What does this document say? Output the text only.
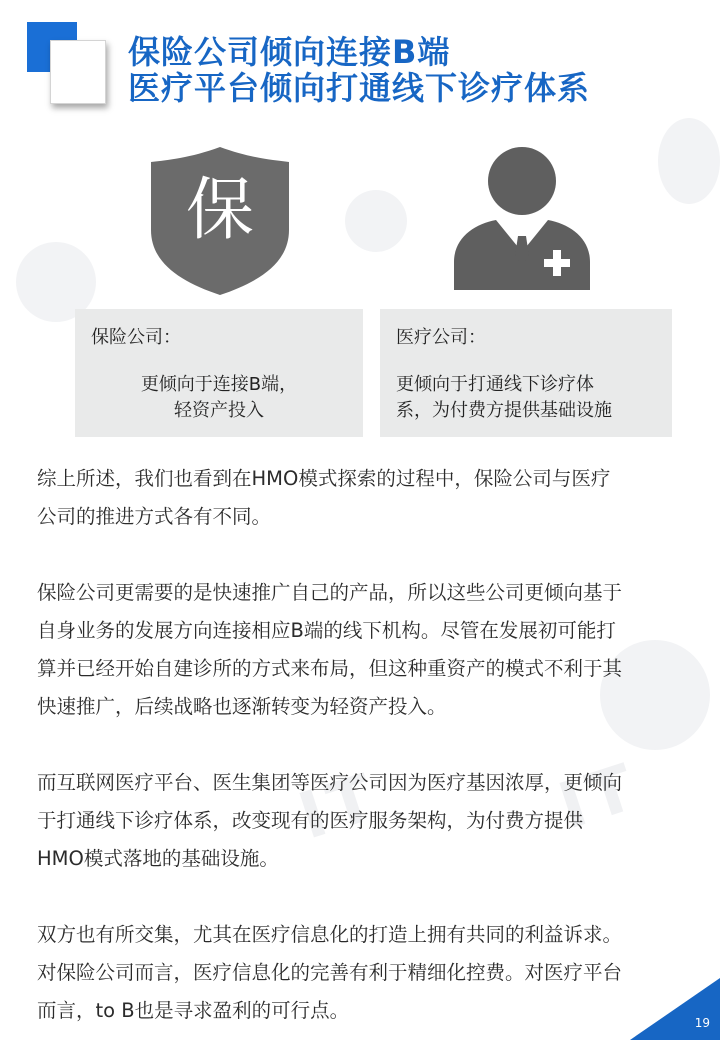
IT
IT
保险公司倾向连接B端
医疗平台倾向打通线下诊疗体系
保
保险公司：
更倾向于连接B端，
轻资产投入
医疗公司：
更倾向于打通线下诊疗体
系，为付费方提供基础设施

综上所述，我们也看到在HMO模式探索的过程中，保险公司与医疗
公司的推进方式各有不同。

保险公司更需要的是快速推广自己的产品，所以这些公司更倾向基于
自身业务的发展方向连接相应B端的线下机构。尽管在发展初可能打
算并已经开始自建诊所的方式来布局，但这种重资产的模式不利于其
快速推广，后续战略也逐渐转变为轻资产投入。

而互联网医疗平台、医生集团等医疗公司因为医疗基因浓厚，更倾向
于打通线下诊疗体系，改变现有的医疗服务架构，为付费方提供
HMO模式落地的基础设施。

双方也有所交集，尤其在医疗信息化的打造上拥有共同的利益诉求。
对保险公司而言，医疗信息化的完善有利于精细化控费。对医疗平台
而言，to B也是寻求盈利的可行点。

19
